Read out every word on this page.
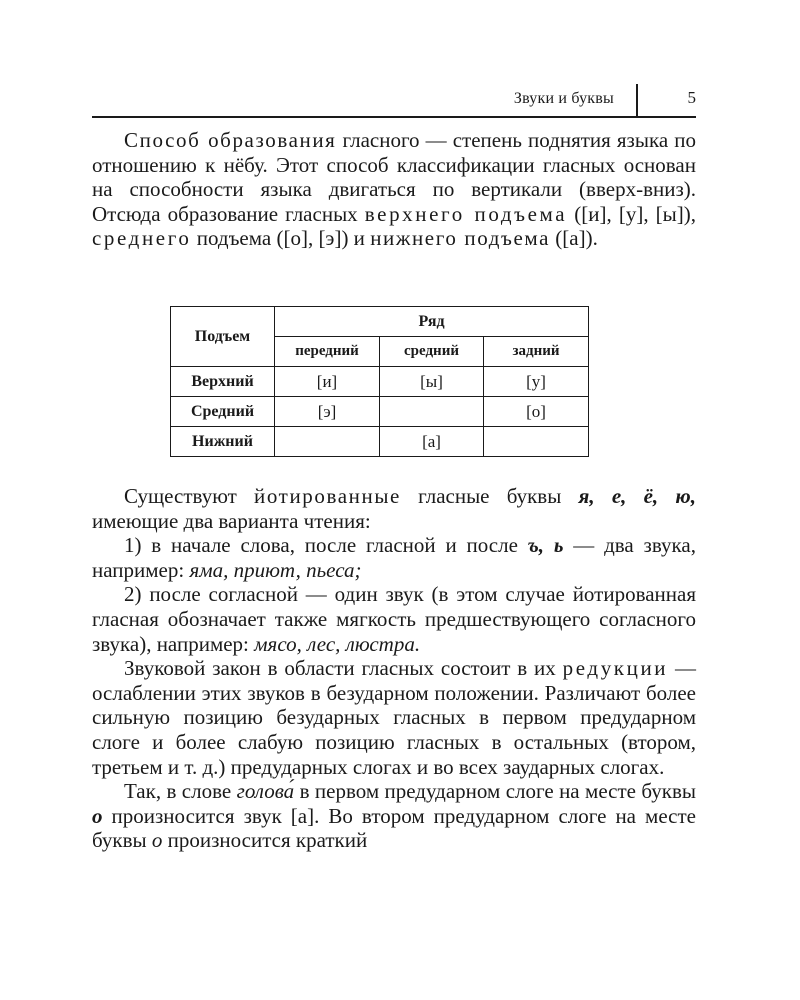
Звуки и буквы	5

Способ образования гласного — степень поднятия языка по отношению к нёбу. Этот способ классификации гласных основан на способности языка двигаться по вертикали (вверх-вниз). Отсюда образование гласных верхнего подъема ([и], [у], [ы]), среднего подъема ([о], [э]) и нижнего подъема ([а]).

Подъем	Ряд		
	передний	средний	задний
Верхний	[и]	[ы]	[у]
Средний	[э]		[о]
Нижний		[а]	

Существуют йотированные гласные буквы я, е, ё, ю, имеющие два варианта чтения:

1) в начале слова, после гласной и после ъ, ь — два звука, например: яма, приют, пьеса;

2) после согласной — один звук (в этом случае йотированная гласная обозначает также мягкость предшествующего согласного звука), например: мясо, лес, люстра.

Звуковой закон в области гласных состоит в их редукции — ослаблении этих звуков в безударном положении. Различают более сильную позицию безударных гласных в первом предударном слоге и более слабую позицию гласных в остальных (втором, третьем и т. д.) предударных слогах и во всех заударных слогах.

Так, в слове голова́ в первом предударном слоге на месте буквы о произносится звук [а]. Во втором предударном слоге на месте буквы о произносится краткий
